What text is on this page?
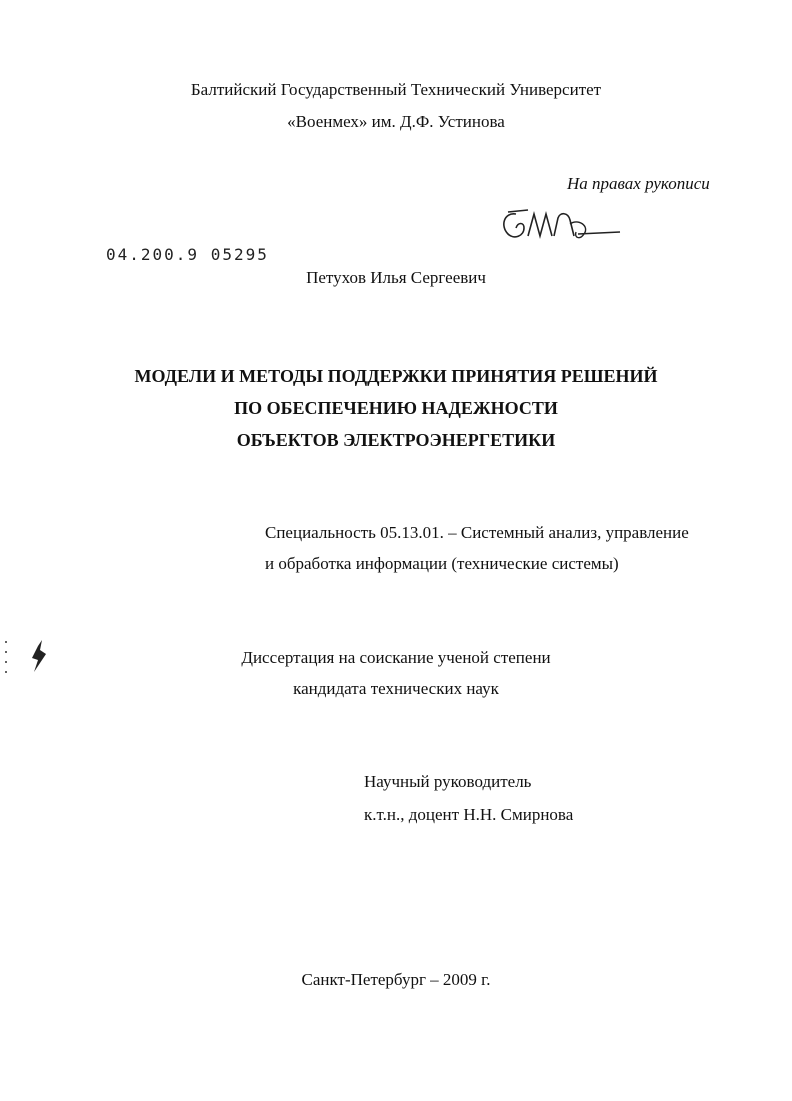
Балтийский Государственный Технический Университет
«Военмех» им. Д.Ф. Устинова
На правах рукописи
04.200.9 05295
Петухов Илья Сергеевич
МОДЕЛИ И МЕТОДЫ ПОДДЕРЖКИ ПРИНЯТИЯ РЕШЕНИЙ
ПО ОБЕСПЕЧЕНИЮ НАДЕЖНОСТИ
ОБЪЕКТОВ ЭЛЕКТРОЭНЕРГЕТИКИ
Специальность 05.13.01. – Системный анализ, управление
и обработка информации (технические системы)
Диссертация на соискание ученой степени
кандидата технических наук
Научный руководитель
к.т.н., доцент Н.Н. Смирнова
Санкт-Петербург – 2009 г.
